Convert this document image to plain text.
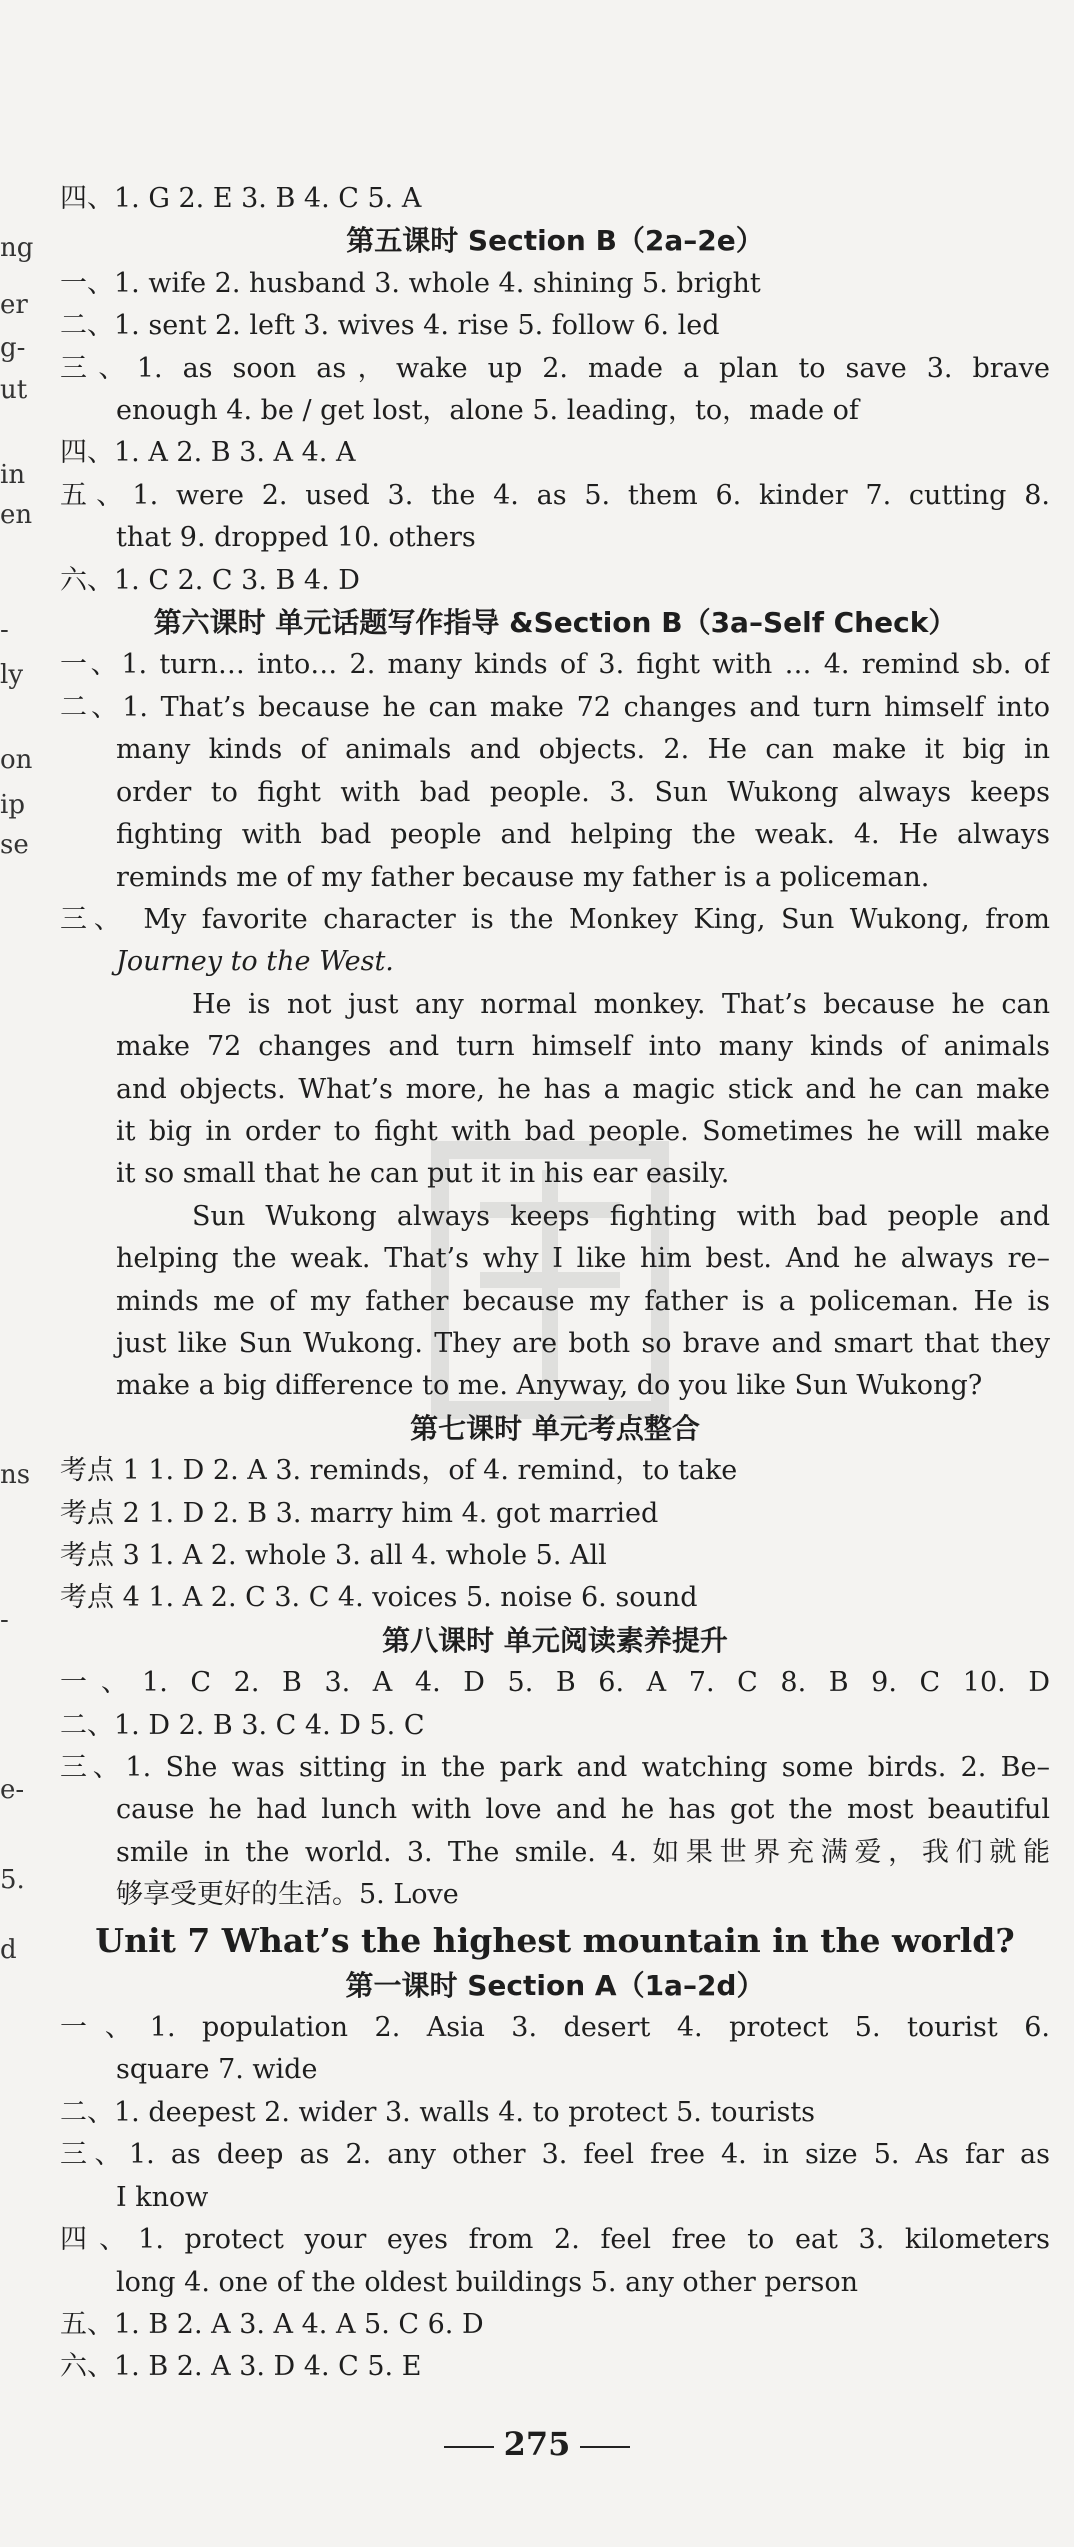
ng
er
g-
ut
in
en
-
ly
on
ip
se
ns
-
e-
5.
d
四、1. G 2. E 3. B 4. C 5. A
第五课时 Section B（2a–2e）
一、1. wife 2. husband 3. whole 4. shining 5. bright
二、1. sent 2. left 3. wives 4. rise 5. follow 6. led
三、1. as soon as，wake up 2. made a plan to save 3. brave
enough 4. be / get lost，alone 5. leading，to，made of
四、1. A 2. B 3. A 4. A
五、1. were 2. used 3. the 4. as 5. them 6. kinder 7. cutting 8.
that 9. dropped 10. others
六、1. C 2. C 3. B 4. D
第六课时 单元话题写作指导 &Section B（3a–Self Check）
一、1. turn… into… 2. many kinds of 3. fight with … 4. remind sb. of
二、1. That’s because he can make 72 changes and turn himself into
many kinds of animals and objects. 2. He can make it big in
order to fight with bad people. 3. Sun Wukong always keeps
fighting with bad people and helping the weak. 4. He always
reminds me of my father because my father is a policeman.
三、 My favorite character is the Monkey King, Sun Wukong, from
Journey to the West.
He is not just any normal monkey. That’s because he can
make 72 changes and turn himself into many kinds of animals
and objects. What’s more, he has a magic stick and he can make
it big in order to fight with bad people. Sometimes he will make
it so small that he can put it in his ear easily.
Sun Wukong always keeps fighting with bad people and
helping the weak. That’s why I like him best. And he always re–
minds me of my father because my father is a policeman. He is
just like Sun Wukong. They are both so brave and smart that they
make a big difference to me. Anyway, do you like Sun Wukong?
第七课时 单元考点整合
考点 1 1. D 2. A 3. reminds，of 4. remind，to take
考点 2 1. D 2. B 3. marry him 4. got married
考点 3 1. A 2. whole 3. all 4. whole 5. All
考点 4 1. A 2. C 3. C 4. voices 5. noise 6. sound
第八课时 单元阅读素养提升
一、1. C 2. B 3. A 4. D 5. B 6. A 7. C 8. B 9. C 10. D
二、1. D 2. B 3. C 4. D 5. C
三、1. She was sitting in the park and watching some birds. 2. Be–
cause he had lunch with love and he has got the most beautiful
smile in the world. 3. The smile. 4. 如果世界充满爱，我们就能
够享受更好的生活。5. Love
Unit 7 What’s the highest mountain in the world?
第一课时 Section A（1a–2d）
一、1. population 2. Asia 3. desert 4. protect 5. tourist 6.
square 7. wide
二、1. deepest 2. wider 3. walls 4. to protect 5. tourists
三、1. as deep as 2. any other 3. feel free 4. in size 5. As far as
I know
四、1. protect your eyes from 2. feel free to eat 3. kilometers
long 4. one of the oldest buildings 5. any other person
五、1. B 2. A 3. A 4. A 5. C 6. D
六、1. B 2. A 3. D 4. C 5. E
275
